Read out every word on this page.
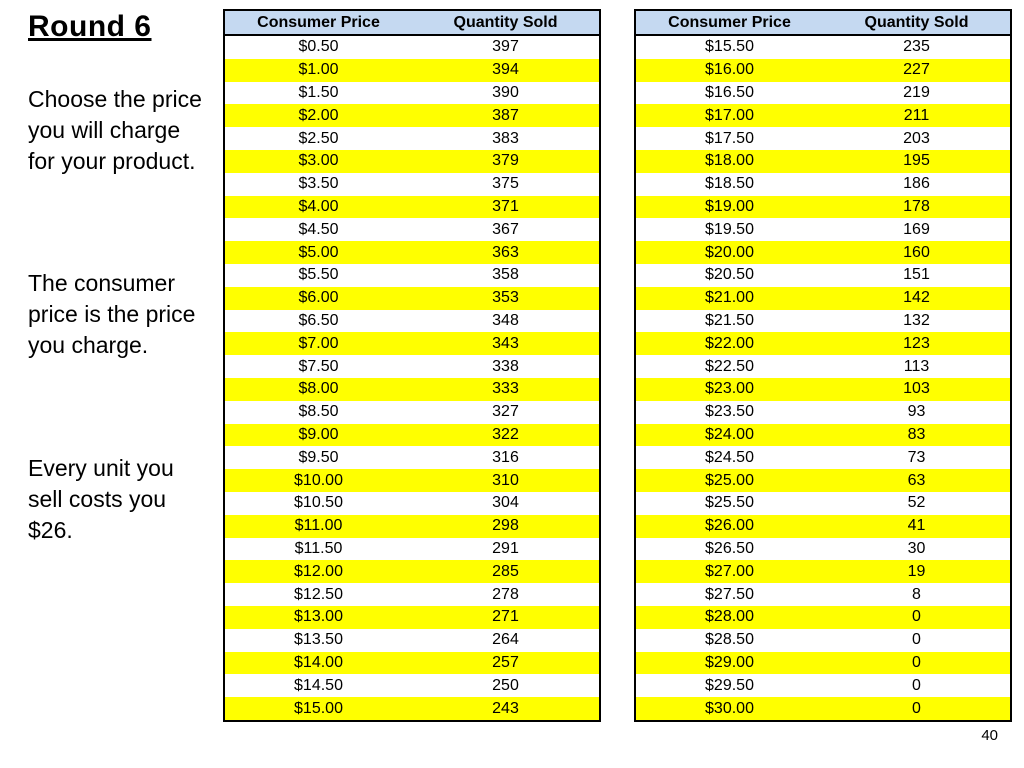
Round 6
Choose the price you will charge for your product.
The consumer price is the price you charge.
Every unit you sell costs you $26.
Consumer Price	Quantity Sold
$0.50	397
$1.00	394
$1.50	390
$2.00	387
$2.50	383
$3.00	379
$3.50	375
$4.00	371
$4.50	367
$5.00	363
$5.50	358
$6.00	353
$6.50	348
$7.00	343
$7.50	338
$8.00	333
$8.50	327
$9.00	322
$9.50	316
$10.00	310
$10.50	304
$11.00	298
$11.50	291
$12.00	285
$12.50	278
$13.00	271
$13.50	264
$14.00	257
$14.50	250
$15.00	243
Consumer Price	Quantity Sold
$15.50	235
$16.00	227
$16.50	219
$17.00	211
$17.50	203
$18.00	195
$18.50	186
$19.00	178
$19.50	169
$20.00	160
$20.50	151
$21.00	142
$21.50	132
$22.00	123
$22.50	113
$23.00	103
$23.50	93
$24.00	83
$24.50	73
$25.00	63
$25.50	52
$26.00	41
$26.50	30
$27.00	19
$27.50	8
$28.00	0
$28.50	0
$29.00	0
$29.50	0
$30.00	0
40
